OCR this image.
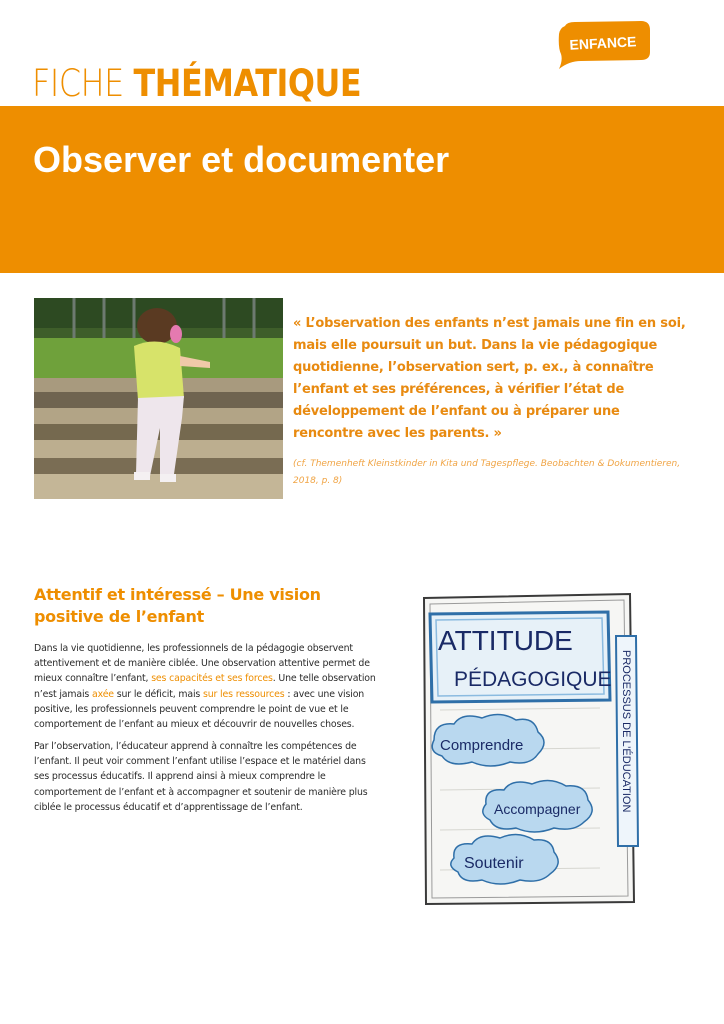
ENFANCE
FICHE THÉMATIQUE
Observer et documenter
« L’observation des enfants n’est jamais une fin en soi, mais elle poursuit un but. Dans la vie pédagogique quotidienne, l’observation sert, p. ex., à connaître l’enfant et ses préférences, à vérifier l’état de développement de l’enfant ou à préparer une rencontre avec les parents. »
(cf. Themenheft Kleinstkinder in Kita und Tagespflege. Beobachten & Dokumentieren, 2018, p. 8)
Attentif et intéressé – Une vision positive de l’enfant
Dans la vie quotidienne, les professionnels de la pédagogie observent attentivement et de manière ciblée. Une observation attentive permet de mieux connaître l’enfant, ses capacités et ses forces. Une telle observation n’est jamais axée sur le déficit, mais sur les ressources : avec une vision positive, les professionnels peuvent comprendre le point de vue et le comportement de l’enfant au mieux et découvrir de nouvelles choses.
Par l’observation, l’éducateur apprend à connaître les compétences de l’enfant. Il peut voir comment l’enfant utilise l’espace et le matériel dans ses processus éducatifs. Il apprend ainsi à mieux comprendre le comportement de l’enfant et à accompagner et soutenir de manière plus ciblée le processus éducatif et d’apprentissage de l’enfant.
ATTITUDE
PÉDAGOGIQUE PROCESSUS DE L’ÉDUCATION
Comprendre
Accompagner
Soutenir
